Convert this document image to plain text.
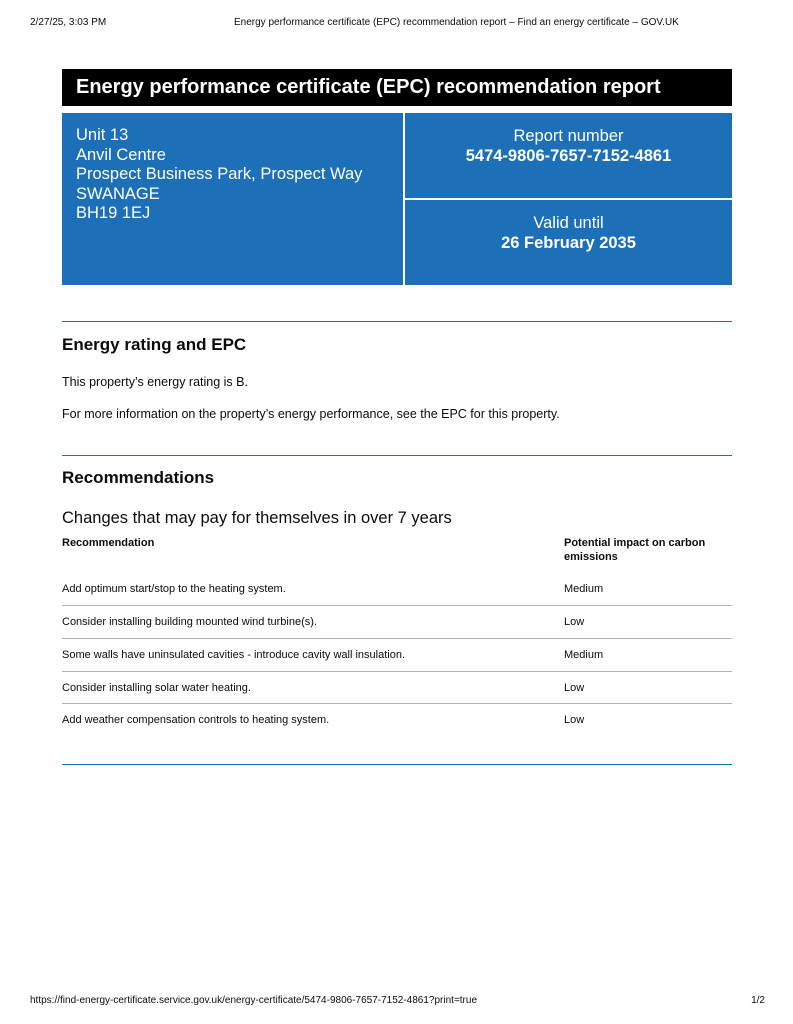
2/27/25, 3:03 PM	Energy performance certificate (EPC) recommendation report – Find an energy certificate – GOV.UK
Energy performance certificate (EPC) recommendation report
Unit 13
Anvil Centre
Prospect Business Park, Prospect Way
SWANAGE
BH19 1EJ
Report number
5474-9806-7657-7152-4861
Valid until
26 February 2035
Energy rating and EPC
This property’s energy rating is B.
For more information on the property’s energy performance, see the EPC for this property.
Recommendations
Changes that may pay for themselves in over 7 years
Recommendation	Potential impact on carbon
emissions
Add optimum start/stop to the heating system.	Medium
Consider installing building mounted wind turbine(s).	Low
Some walls have uninsulated cavities - introduce cavity wall insulation.	Medium
Consider installing solar water heating.	Low
Add weather compensation controls to heating system.	Low
https://find-energy-certificate.service.gov.uk/energy-certificate/5474-9806-7657-7152-4861?print=true	1/2
